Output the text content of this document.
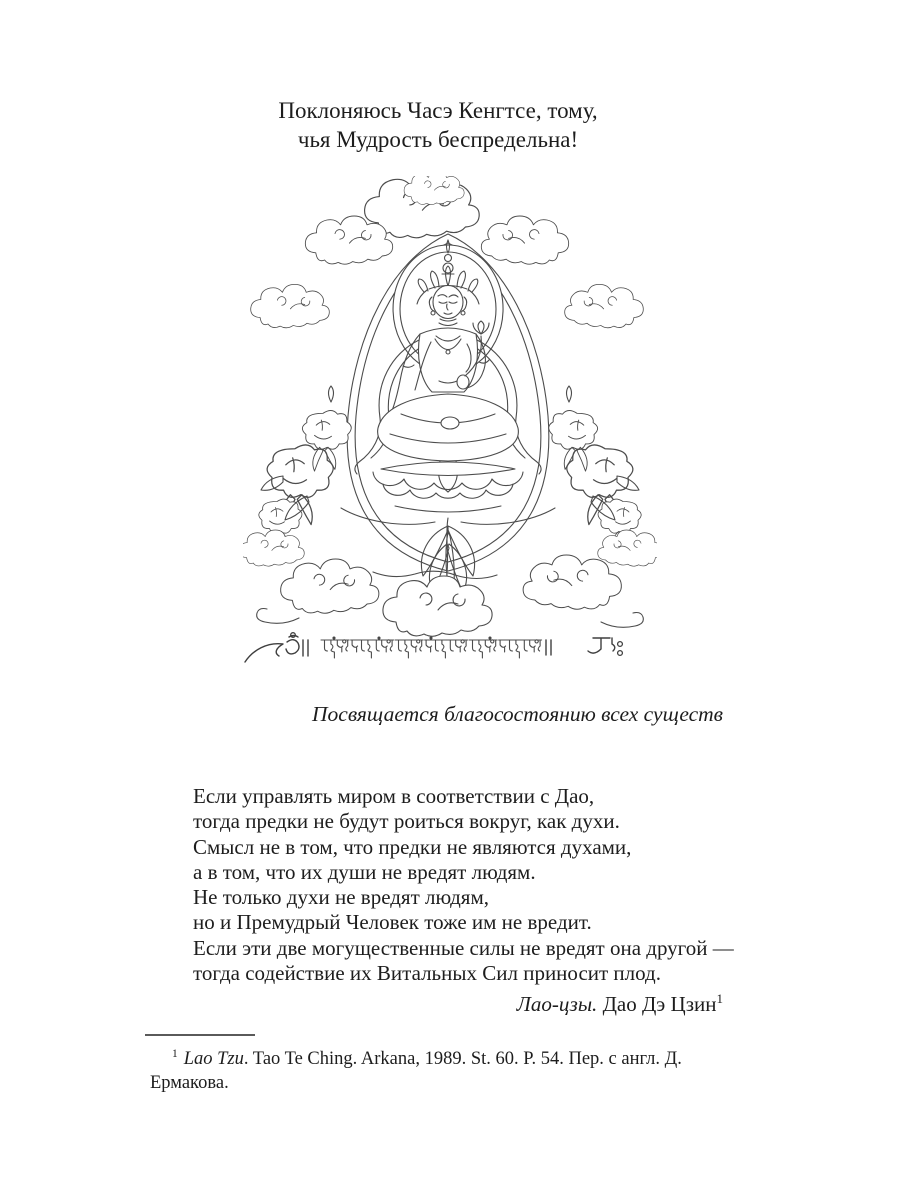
Поклоняюсь Часэ Кенгтсе, тому,
чья Мудрость беспредельна!
Посвящается благосостоянию всех существ
Если управлять миром в соответствии с Дао,
тогда предки не будут роиться вокруг, как духи.
Смысл не в том, что предки не являются духами,
а в том, что их души не вредят людям.
Не только духи не вредят людям,
но и Премудрый Человек тоже им не вредит.
Если эти две могущественные силы не вредят она другой —
тогда содействие их Витальных Сил приносит плод.
Лао-цзы. Дао Дэ Цзин$^1$
$^1$ Lao Tzu. Tao Te Ching. Arkana, 1989. St. 60. P. 54. Пер. с англ. Д. Ермакова.
